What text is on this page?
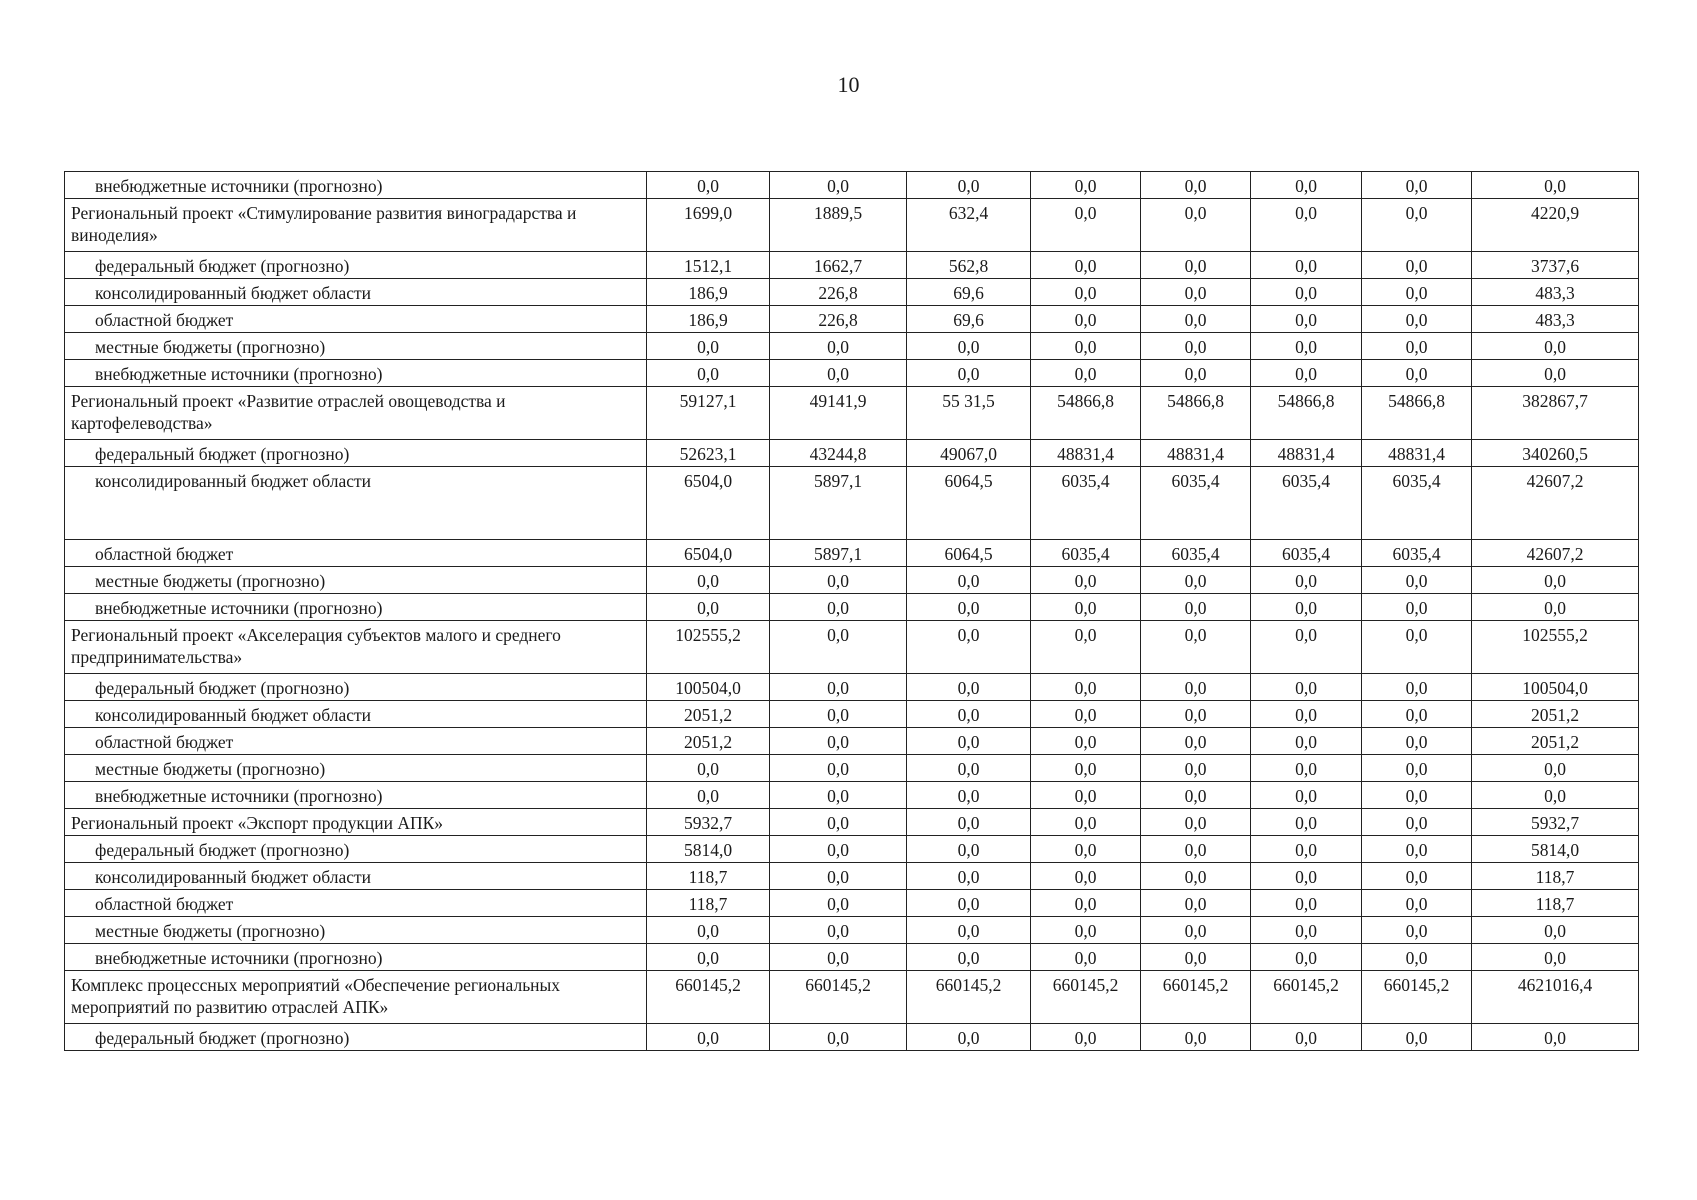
10
внебюджетные источники (прогнозно)	0,0	0,0	0,0	0,0	0,0	0,0	0,0	0,0
Региональный проект «Стимулирование развития виноградарства и виноделия»	1699,0	1889,5	632,4	0,0	0,0	0,0	0,0	4220,9
федеральный бюджет (прогнозно)	1512,1	1662,7	562,8	0,0	0,0	0,0	0,0	3737,6
консолидированный бюджет области	186,9	226,8	69,6	0,0	0,0	0,0	0,0	483,3
областной бюджет	186,9	226,8	69,6	0,0	0,0	0,0	0,0	483,3
местные бюджеты (прогнозно)	0,0	0,0	0,0	0,0	0,0	0,0	0,0	0,0
внебюджетные источники (прогнозно)	0,0	0,0	0,0	0,0	0,0	0,0	0,0	0,0
Региональный проект «Развитие отраслей овощеводства и картофелеводства»	59127,1	49141,9	55 31,5	54866,8	54866,8	54866,8	54866,8	382867,7
федеральный бюджет (прогнозно)	52623,1	43244,8	49067,0	48831,4	48831,4	48831,4	48831,4	340260,5
консолидированный бюджет области	6504,0	5897,1	6064,5	6035,4	6035,4	6035,4	6035,4	42607,2
областной бюджет	6504,0	5897,1	6064,5	6035,4	6035,4	6035,4	6035,4	42607,2
местные бюджеты (прогнозно)	0,0	0,0	0,0	0,0	0,0	0,0	0,0	0,0
внебюджетные источники (прогнозно)	0,0	0,0	0,0	0,0	0,0	0,0	0,0	0,0
Региональный проект «Акселерация субъектов малого и среднего предпринимательства»	102555,2	0,0	0,0	0,0	0,0	0,0	0,0	102555,2
федеральный бюджет (прогнозно)	100504,0	0,0	0,0	0,0	0,0	0,0	0,0	100504,0
консолидированный бюджет области	2051,2	0,0	0,0	0,0	0,0	0,0	0,0	2051,2
областной бюджет	2051,2	0,0	0,0	0,0	0,0	0,0	0,0	2051,2
местные бюджеты (прогнозно)	0,0	0,0	0,0	0,0	0,0	0,0	0,0	0,0
внебюджетные источники (прогнозно)	0,0	0,0	0,0	0,0	0,0	0,0	0,0	0,0
Региональный проект «Экспорт продукции АПК»	5932,7	0,0	0,0	0,0	0,0	0,0	0,0	5932,7
федеральный бюджет (прогнозно)	5814,0	0,0	0,0	0,0	0,0	0,0	0,0	5814,0
консолидированный бюджет области	118,7	0,0	0,0	0,0	0,0	0,0	0,0	118,7
областной бюджет	118,7	0,0	0,0	0,0	0,0	0,0	0,0	118,7
местные бюджеты (прогнозно)	0,0	0,0	0,0	0,0	0,0	0,0	0,0	0,0
внебюджетные источники (прогнозно)	0,0	0,0	0,0	0,0	0,0	0,0	0,0	0,0
Комплекс процессных мероприятий «Обеспечение региональных мероприятий по развитию отраслей АПК»	660145,2	660145,2	660145,2	660145,2	660145,2	660145,2	660145,2	4621016,4
федеральный бюджет (прогнозно)	0,0	0,0	0,0	0,0	0,0	0,0	0,0	0,0
